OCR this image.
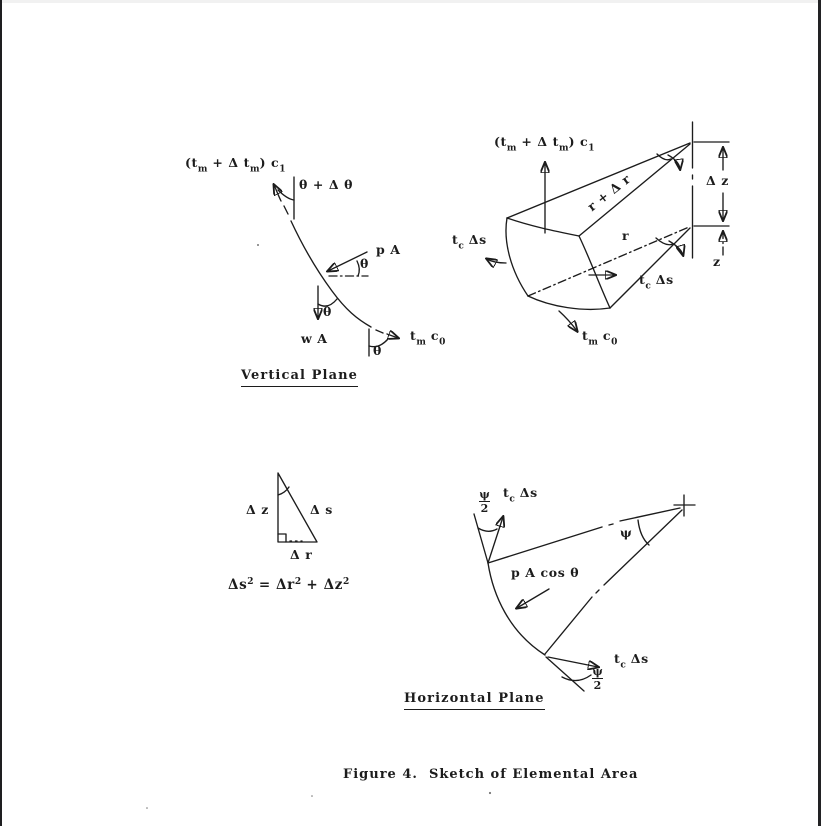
($t_m + \Delta$ $t_m$) $c_1$
θ + Δ θ
p A
θ
θ
w A	$t_m$ $c_0$
θ
Vertical Plane
($t_m + \Delta$ $t_m$) $c_1$
r + Δ r
r
Δ z
z
$t_c$ Δs
$t_c$ Δs
$t_m$ $c_0$
Δ z	Δ s
Δ r
$\Delta s^2 = \Delta r^2 + \Delta z^2$
$t_c$ Δs
ψ
2
p A cos θ
ψ
$t_c$ Δs
ψ
2
Horizontal Plane
Figure 4.  Sketch of Elemental Area
